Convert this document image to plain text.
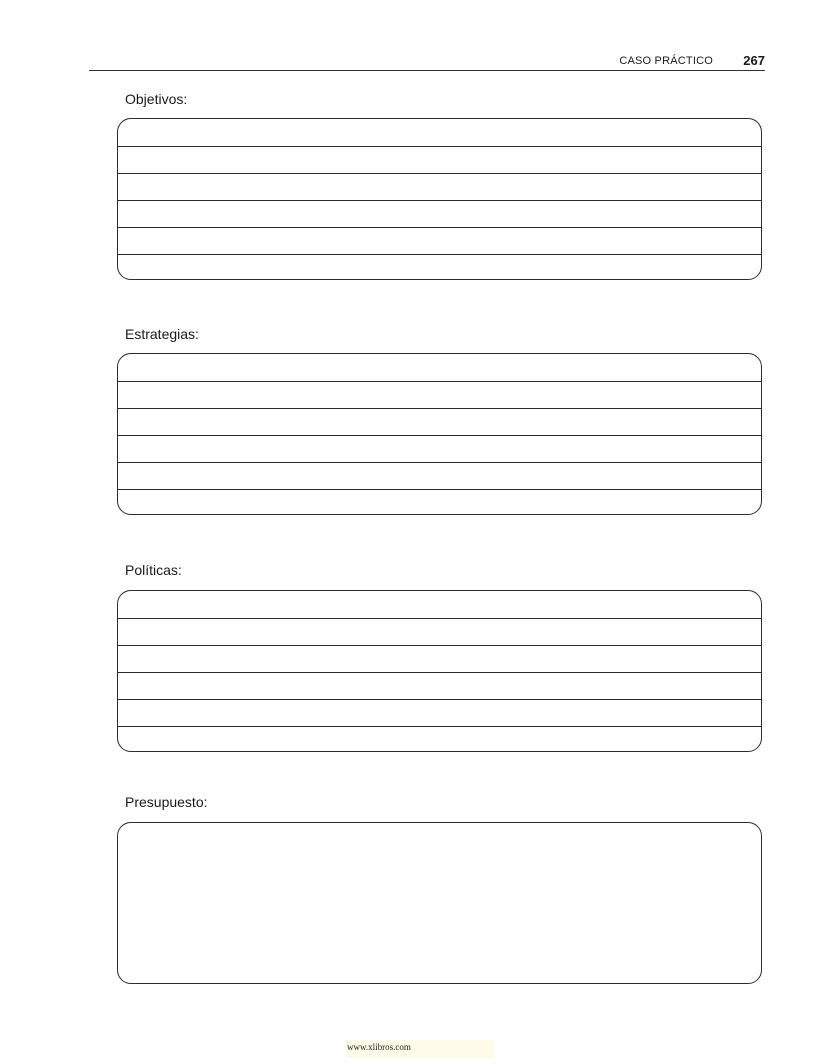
CASO PRÁCTICO 267
Objetivos:
Estrategias:
Políticas:
Presupuesto:
www.xlibros.com
